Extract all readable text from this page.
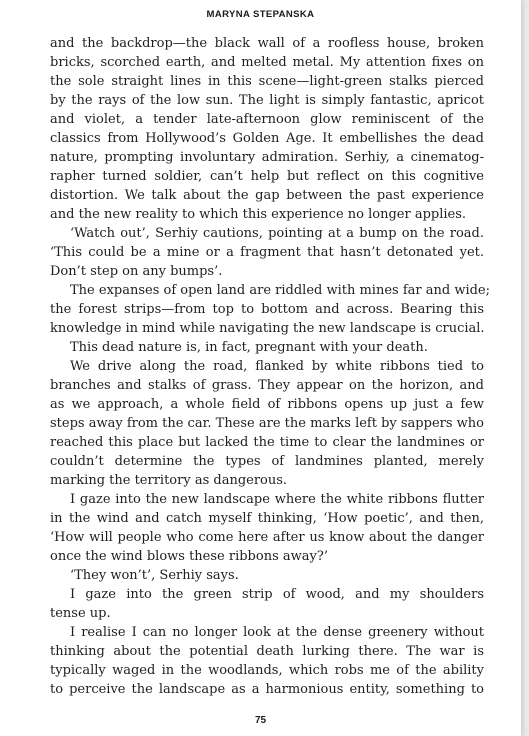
MARYNA STEPANSKA
and the backdrop—the black wall of a roofless house, broken
bricks, scorched earth, and melted metal. My attention fixes on
the sole straight lines in this scene—light-green stalks pierced
by the rays of the low sun. The light is simply fantastic, apricot
and violet, a tender late-afternoon glow reminiscent of the
classics from Hollywood’s Golden Age. It embellishes the dead
nature, prompting involuntary admiration. Serhiy, a cinematog-
rapher turned soldier, can’t help but reflect on this cognitive
distortion. We talk about the gap between the past experience
and the new reality to which this experience no longer applies.
‘Watch out’, Serhiy cautions, pointing at a bump on the road.
‘This could be a mine or a fragment that hasn’t detonated yet.
Don’t step on any bumps’.
The expanses of open land are riddled with mines far and wide;
the forest strips—from top to bottom and across. Bearing this
knowledge in mind while navigating the new landscape is crucial.
This dead nature is, in fact, pregnant with your death.
We drive along the road, flanked by white ribbons tied to
branches and stalks of grass. They appear on the horizon, and
as we approach, a whole field of ribbons opens up just a few
steps away from the car. These are the marks left by sappers who
reached this place but lacked the time to clear the landmines or
couldn’t determine the types of landmines planted, merely
marking the territory as dangerous.
I gaze into the new landscape where the white ribbons flutter
in the wind and catch myself thinking, ‘How poetic’, and then,
‘How will people who come here after us know about the danger
once the wind blows these ribbons away?’
‘They won’t’, Serhiy says.
I gaze into the green strip of wood, and my shoulders
tense up.
I realise I can no longer look at the dense greenery without
thinking about the potential death lurking there. The war is
typically waged in the woodlands, which robs me of the ability
to perceive the landscape as a harmonious entity, something to
75
